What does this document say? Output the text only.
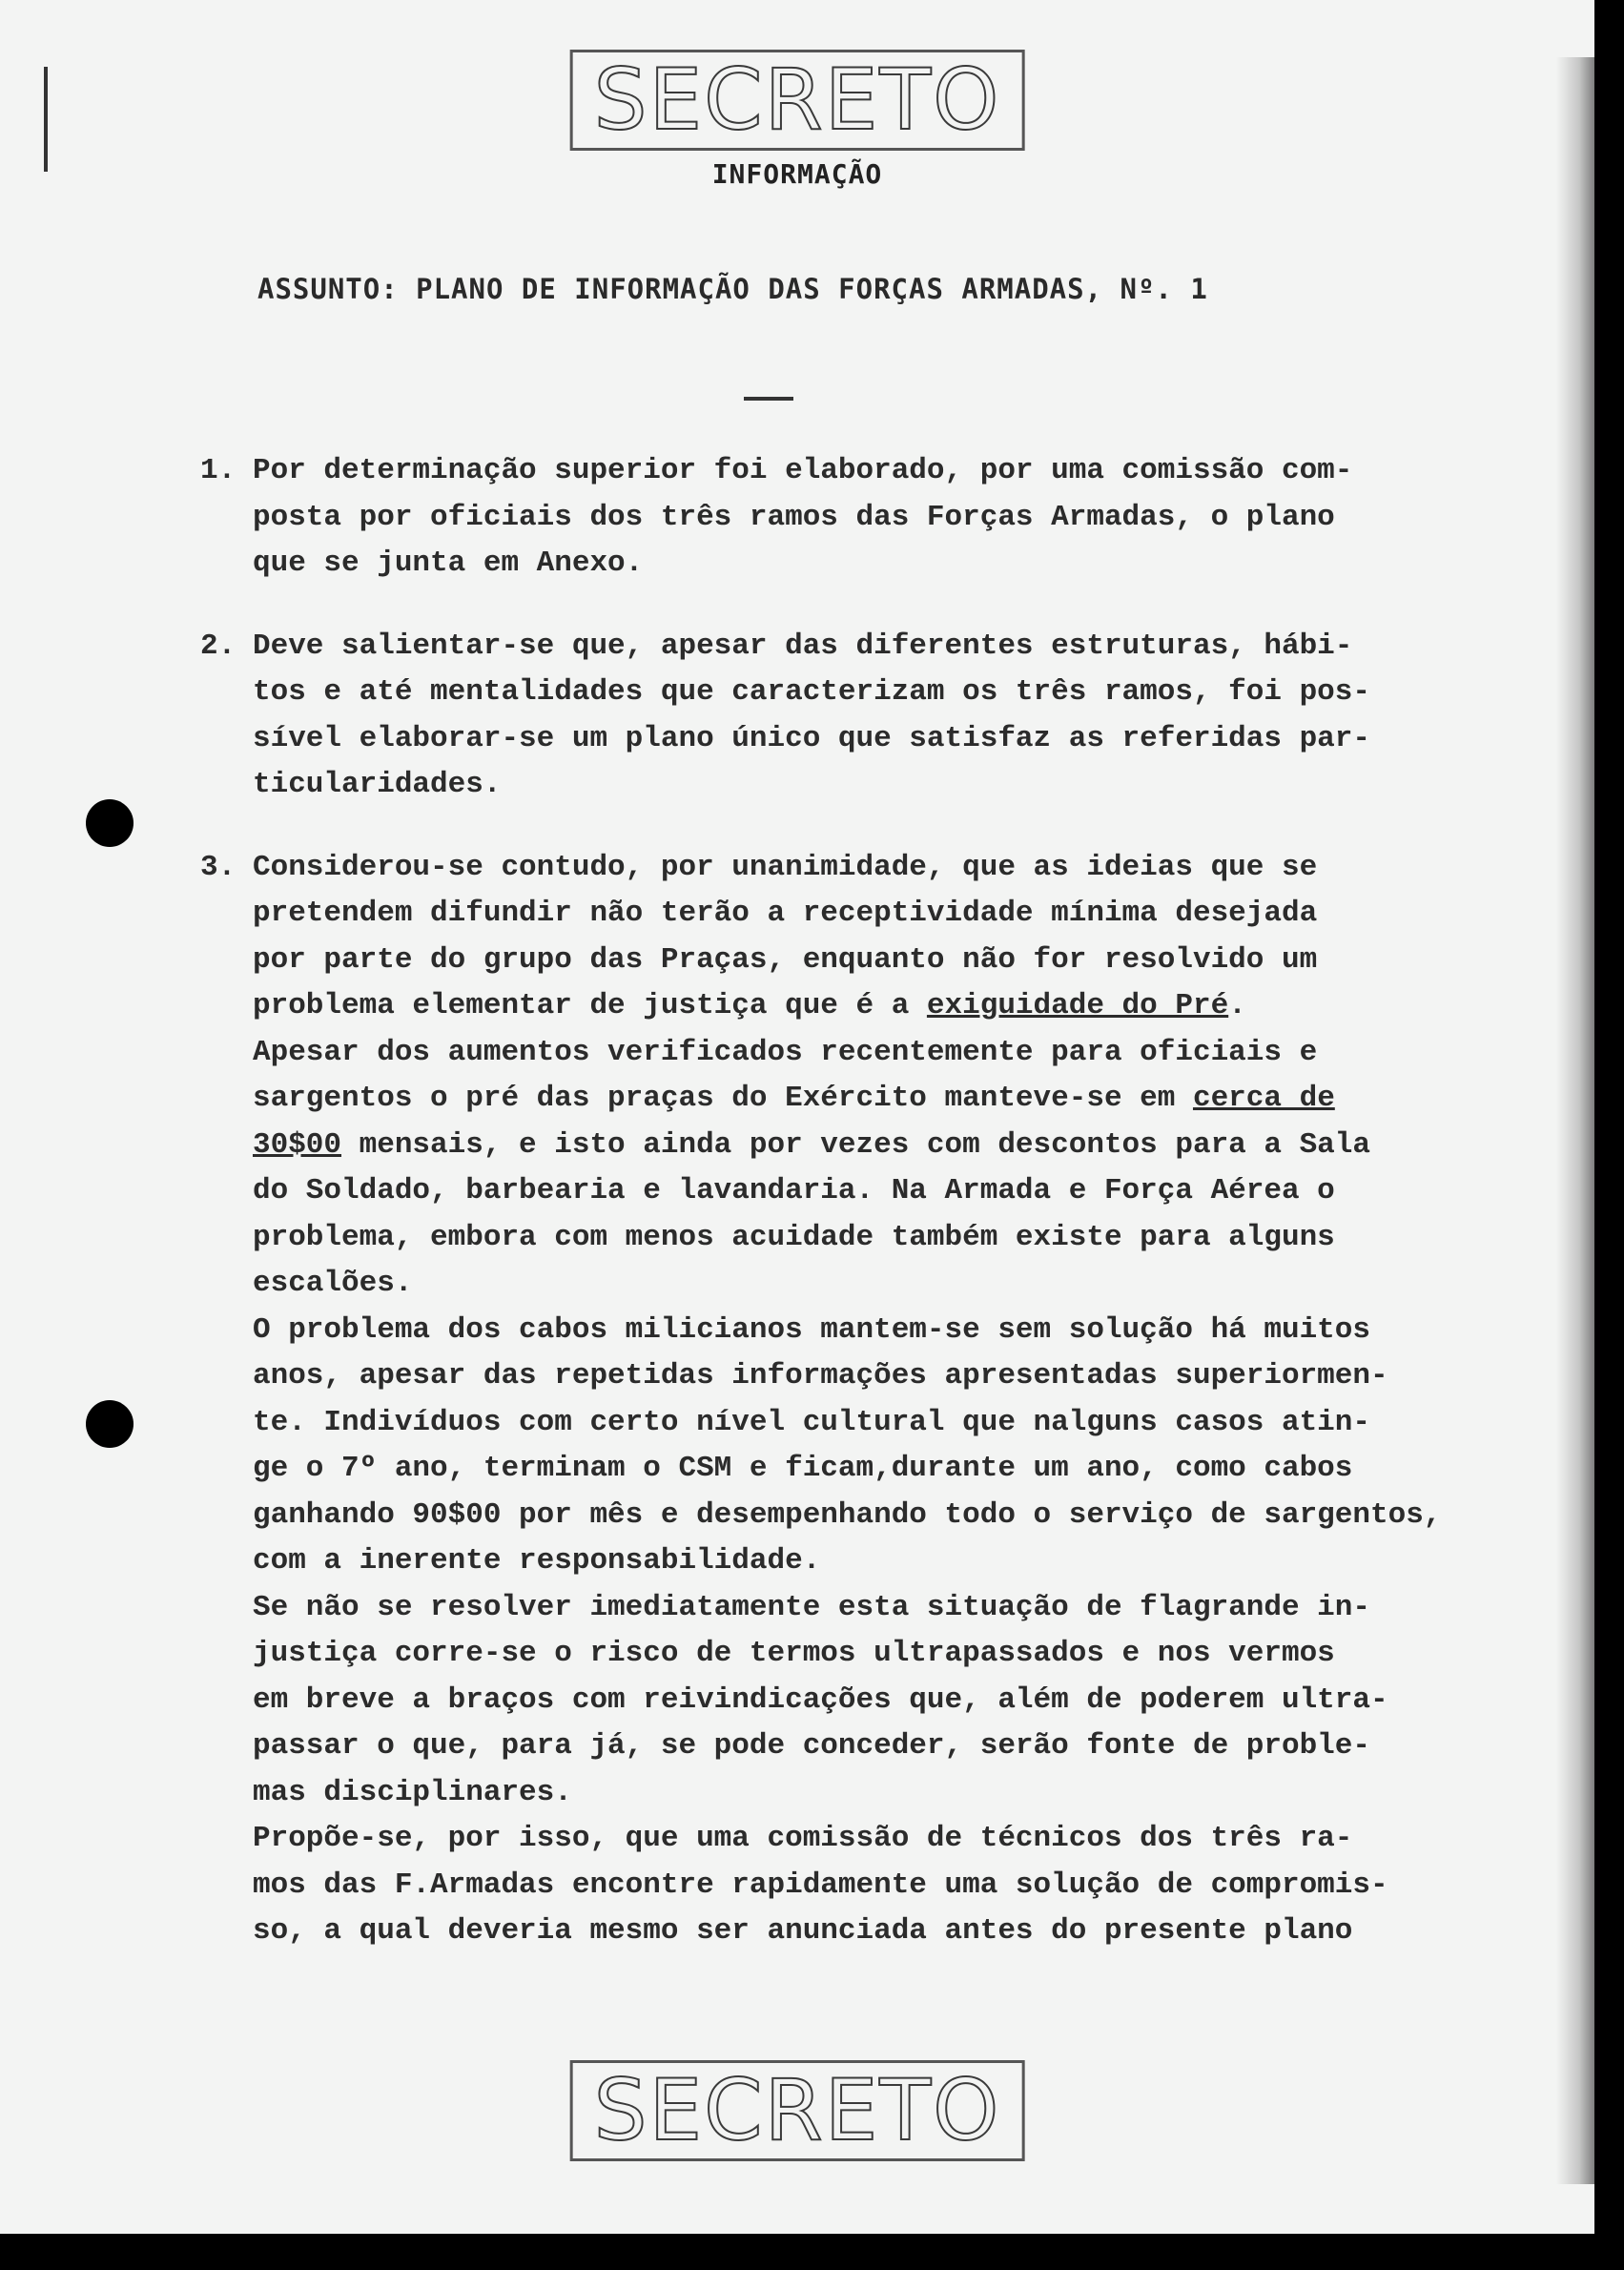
SECRETO
INFORMAÇÃO
ASSUNTO: PLANO DE INFORMAÇÃO DAS FORÇAS ARMADAS, Nº. 1
1. Por determinação superior foi elaborado, por uma comissão com-
posta por oficiais dos três ramos das Forças Armadas, o plano
que se junta em Anexo.
2. Deve salientar-se que, apesar das diferentes estruturas, hábi-
tos e até mentalidades que caracterizam os três ramos, foi pos-
sível elaborar-se um plano único que satisfaz as referidas par-
ticularidades.
3. Considerou-se contudo, por unanimidade, que as ideias que se
pretendem difundir não terão a receptividade mínima desejada
por parte do grupo das Praças, enquanto não for resolvido um
problema elementar de justiça que é a exiguidade do Pré.
Apesar dos aumentos verificados recentemente para oficiais e
sargentos o pré das praças do Exército manteve-se em cerca de
30$00 mensais, e isto ainda por vezes com descontos para a Sala
do Soldado, barbearia e lavandaria. Na Armada e Força Aérea o
problema, embora com menos acuidade também existe para alguns
escalões.
O problema dos cabos milicianos mantem-se sem solução há muitos
anos, apesar das repetidas informações apresentadas superiormen-
te. Indivíduos com certo nível cultural que nalguns casos atin-
ge o 7º ano, terminam o CSM e ficam,durante um ano, como cabos
ganhando 90$00 por mês e desempenhando todo o serviço de sargentos,
com a inerente responsabilidade.
Se não se resolver imediatamente esta situação de flagrande in-
justiça corre-se o risco de termos ultrapassados e nos vermos
em breve a braços com reivindicações que, além de poderem ultra-
passar o que, para já, se pode conceder, serão fonte de proble-
mas disciplinares.
Propõe-se, por isso, que uma comissão de técnicos dos três ra-
mos das F.Armadas encontre rapidamente uma solução de compromis-
so, a qual deveria mesmo ser anunciada antes do presente plano
SECRETO
